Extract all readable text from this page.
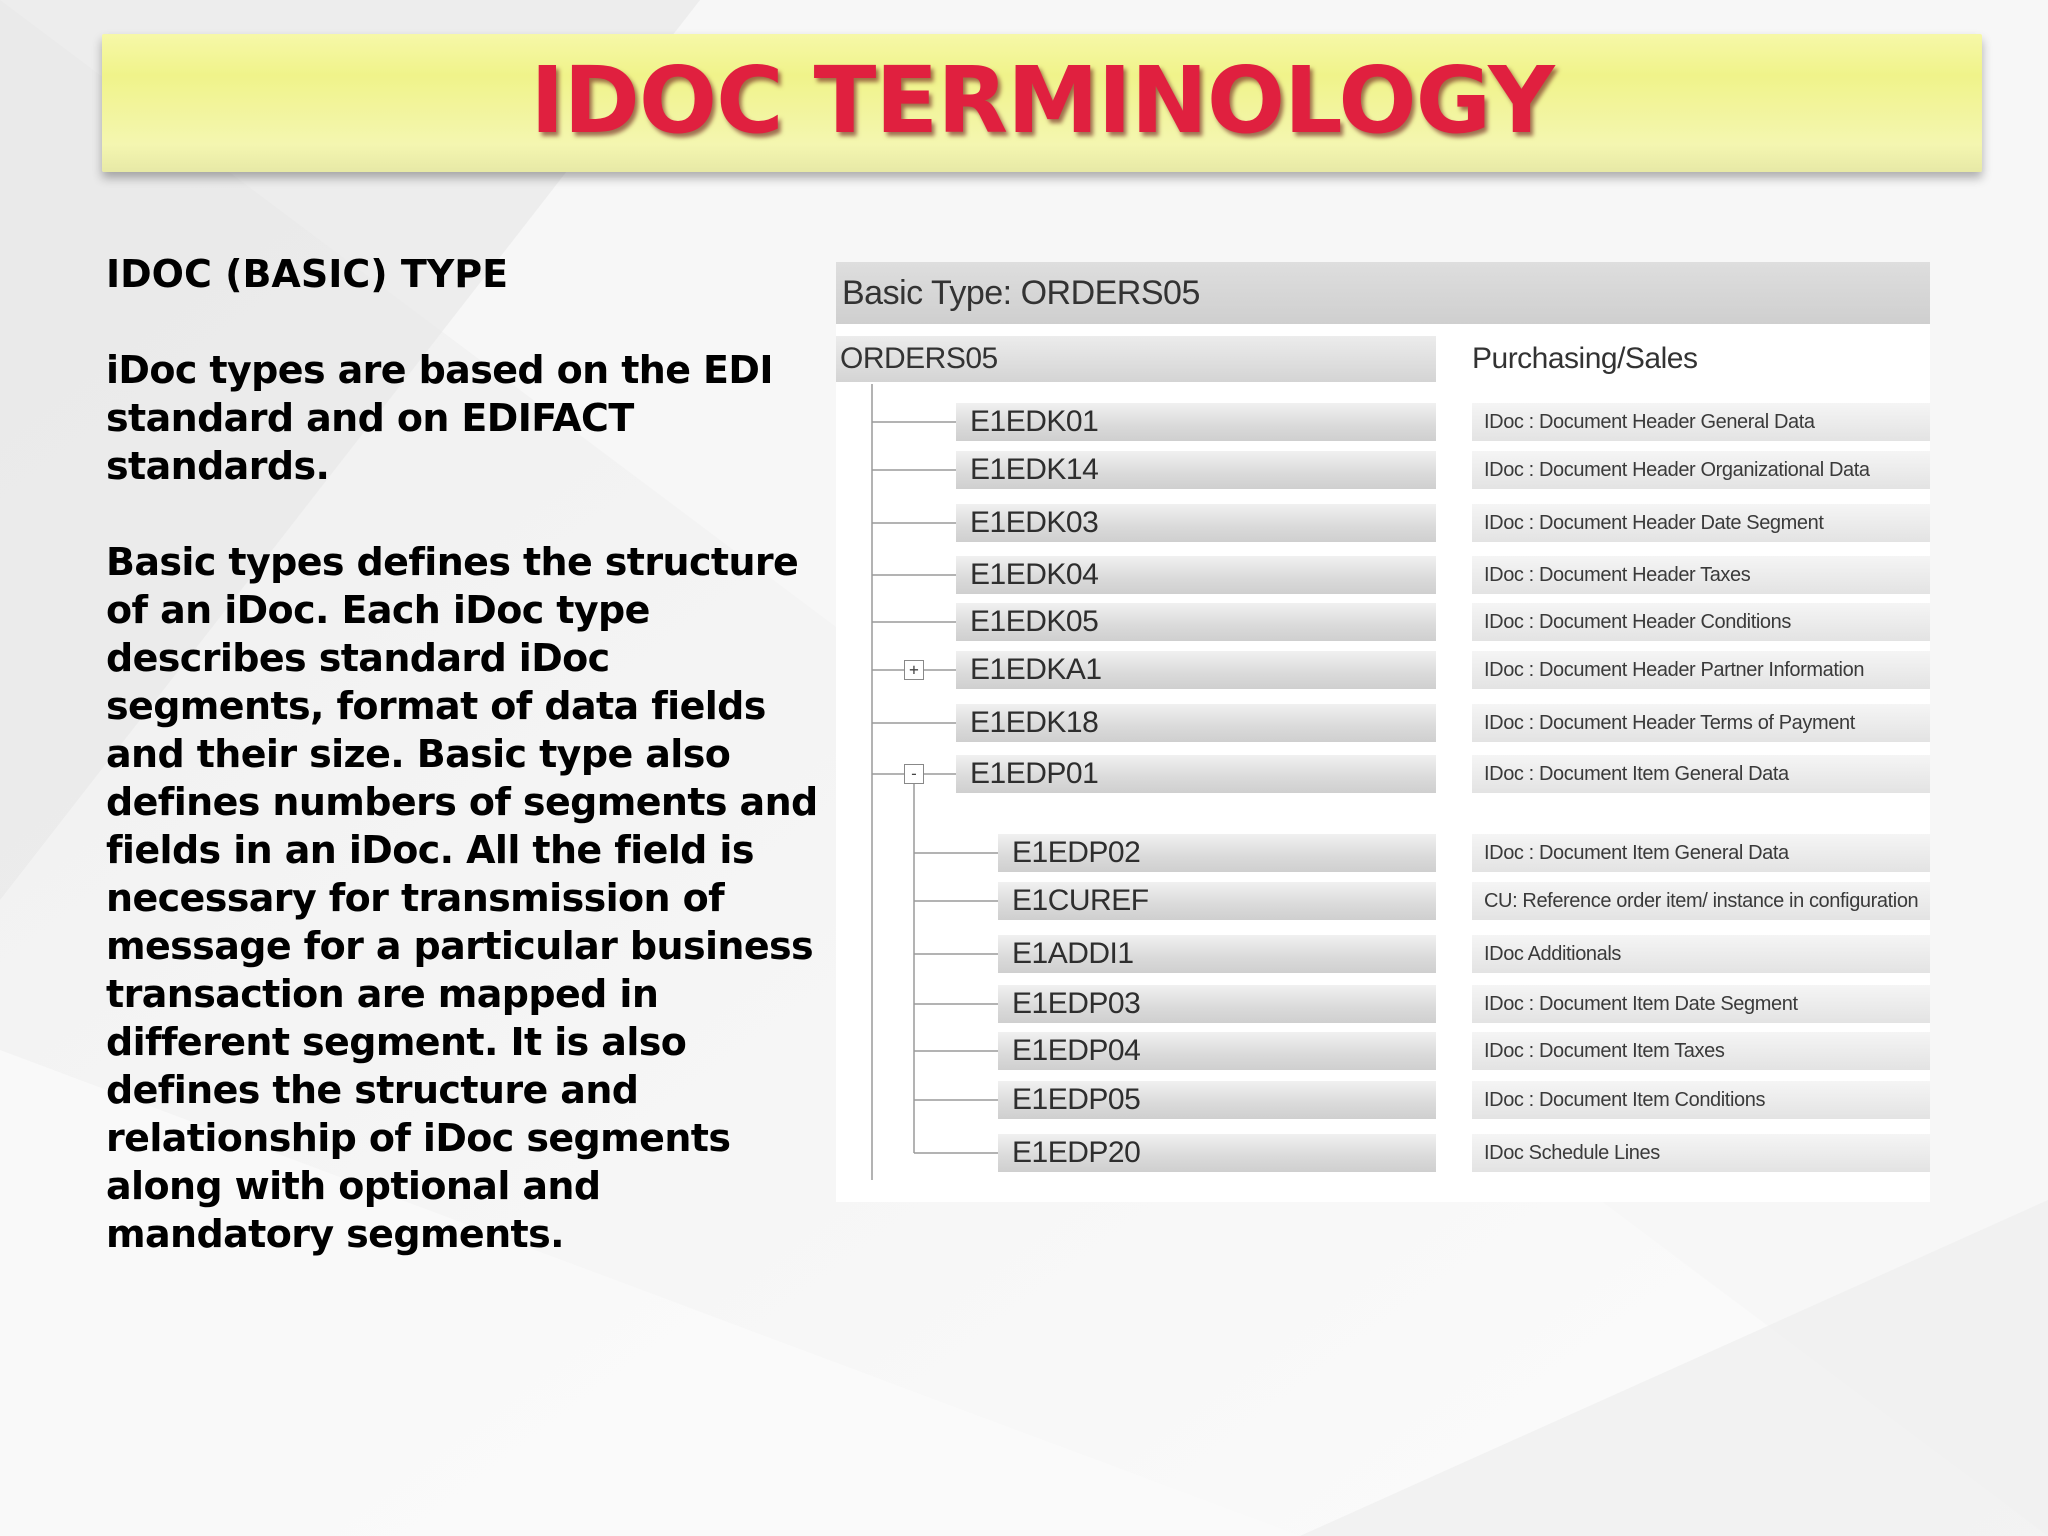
IDOC TERMINOLOGY

IDOC (BASIC) TYPE

iDoc types are based on the EDI standard and on EDIFACT standards.

Basic types defines the structure of an iDoc. Each iDoc type describes standard iDoc segments, format of data fields and their size. Basic type also defines numbers of segments and fields in an iDoc. All the field is necessary for transmission of message for a particular business transaction are mapped in different segment. It is also defines the structure and relationship of iDoc segments along with optional and mandatory segments.

Basic Type: ORDERS05
ORDERS05	Purchasing/Sales
E1EDK01	IDoc : Document Header General Data
E1EDK14	IDoc : Document Header Organizational Data
E1EDK03	IDoc : Document Header Date Segment
E1EDK04	IDoc : Document Header Taxes
E1EDK05	IDoc : Document Header Conditions
E1EDKA1	IDoc : Document Header Partner Information
+
E1EDK18	IDoc : Document Header Terms of Payment
E1EDP01	IDoc : Document Item General Data
-
E1EDP02	IDoc : Document Item General Data
E1CUREF	CU: Reference order item/ instance in configuration
E1ADDI1	IDoc Additionals
E1EDP03	IDoc : Document Item Date Segment
E1EDP04	IDoc : Document Item Taxes
E1EDP05	IDoc : Document Item Conditions
E1EDP20	IDoc Schedule Lines
